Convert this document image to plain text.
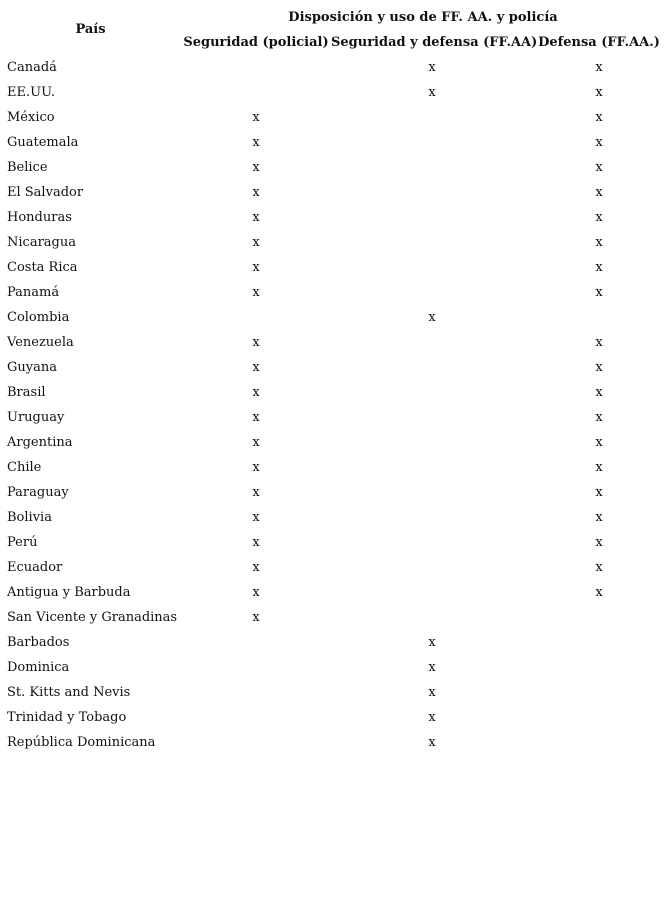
País	Disposición y uso de FF. AA. y policía		
	Seguridad (policial)	Seguridad y defensa (FF.AA)	Defensa (FF.AA.)
Canadá		x	x
EE.UU.		x	x
México	x		x
Guatemala	x		x
Belice	x		x
El Salvador	x		x
Honduras	x		x
Nicaragua	x		x
Costa Rica	x		x
Panamá	x		x
Colombia		x	
Venezuela	x		x
Guyana	x		x
Brasil	x		x
Uruguay	x		x
Argentina	x		x
Chile	x		x
Paraguay	x		x
Bolivia	x		x
Perú	x		x
Ecuador	x		x
Antigua y Barbuda	x		x
San Vicente y Granadinas	x		
Barbados		x	
Dominica		x	
St. Kitts and Nevis		x	
Trinidad y Tobago		x	
República Dominicana		x	
